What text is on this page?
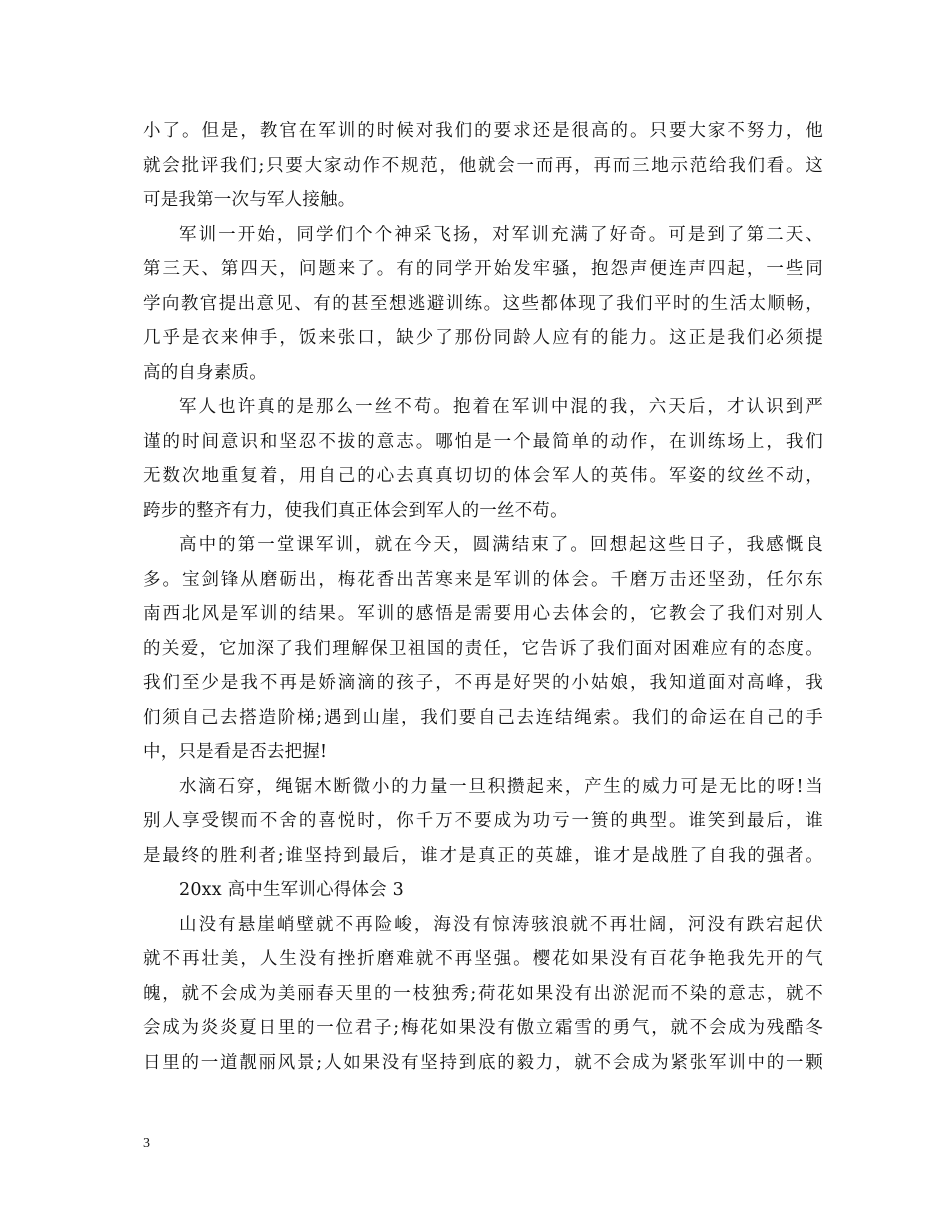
小了。但是，教官在军训的时候对我们的要求还是很高的。只要大家不努力，他
就会批评我们;只要大家动作不规范，他就会一而再，再而三地示范给我们看。这
可是我第一次与军人接触。
军训一开始，同学们个个神采飞扬，对军训充满了好奇。可是到了第二天、
第三天、第四天，问题来了。有的同学开始发牢骚，抱怨声便连声四起，一些同
学向教官提出意见、有的甚至想逃避训练。这些都体现了我们平时的生活太顺畅，
几乎是衣来伸手，饭来张口，缺少了那份同龄人应有的能力。这正是我们必须提
高的自身素质。
军人也许真的是那么一丝不苟。抱着在军训中混的我，六天后，才认识到严
谨的时间意识和坚忍不拔的意志。哪怕是一个最简单的动作，在训练场上，我们
无数次地重复着，用自己的心去真真切切的体会军人的英伟。军姿的纹丝不动，
跨步的整齐有力，使我们真正体会到军人的一丝不苟。
高中的第一堂课军训，就在今天，圆满结束了。回想起这些日子，我感慨良
多。宝剑锋从磨砺出，梅花香出苦寒来是军训的体会。千磨万击还坚劲，任尔东
南西北风是军训的结果。军训的感悟是需要用心去体会的，它教会了我们对别人
的关爱，它加深了我们理解保卫祖国的责任，它告诉了我们面对困难应有的态度。
我们至少是我不再是娇滴滴的孩子，不再是好哭的小姑娘，我知道面对高峰，我
们须自己去搭造阶梯;遇到山崖，我们要自己去连结绳索。我们的命运在自己的手
中，只是看是否去把握!
水滴石穿，绳锯木断微小的力量一旦积攒起来，产生的威力可是无比的呀!当
别人享受锲而不舍的喜悦时，你千万不要成为功亏一篑的典型。谁笑到最后，谁
是最终的胜利者;谁坚持到最后，谁才是真正的英雄，谁才是战胜了自我的强者。
20xx 高中生军训心得体会 3
山没有悬崖峭壁就不再险峻，海没有惊涛骇浪就不再壮阔，河没有跌宕起伏
就不再壮美，人生没有挫折磨难就不再坚强。樱花如果没有百花争艳我先开的气
魄，就不会成为美丽春天里的一枝独秀;荷花如果没有出淤泥而不染的意志，就不
会成为炎炎夏日里的一位君子;梅花如果没有傲立霜雪的勇气，就不会成为残酷冬
日里的一道靓丽风景;人如果没有坚持到底的毅力，就不会成为紧张军训中的一颗
3
